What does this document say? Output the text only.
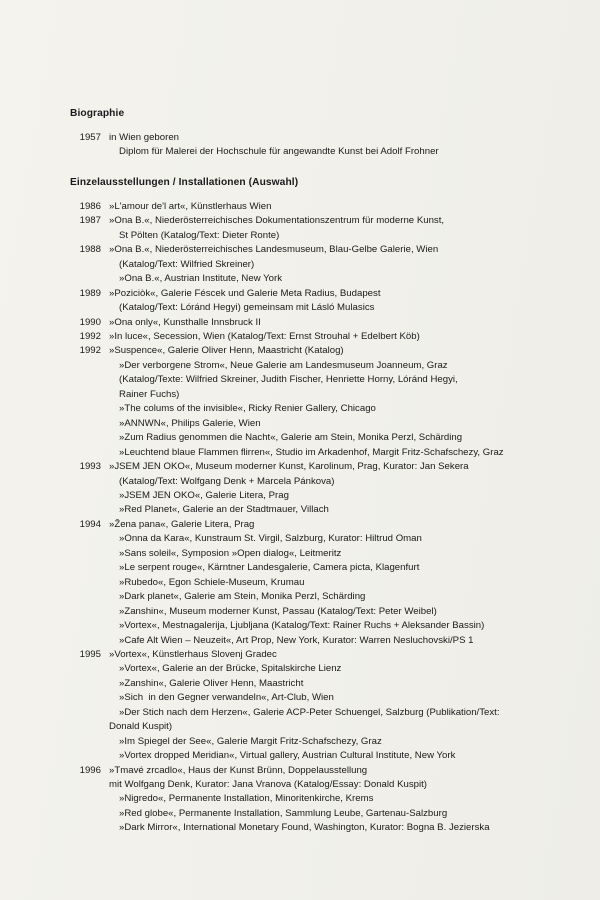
Biographie
1957 in Wien geboren
Diplom für Malerei der Hochschule für angewandte Kunst bei Adolf Frohner
Einzelausstellungen / Installationen (Auswahl)
1986 »L'amour de'l art«, Künstlerhaus Wien
1987 »Ona B.«, Niederösterreichisches Dokumentationszentrum für moderne Kunst,
St Pölten (Katalog/Text: Dieter Ronte)
1988 »Ona B.«, Niederösterreichisches Landesmuseum, Blau-Gelbe Galerie, Wien
(Katalog/Text: Wilfried Skreiner)
»Ona B.«, Austrian Institute, New York
1989 »Poziciòk«, Galerie Féscek und Galerie Meta Radius, Budapest
(Katalog/Text: Lóránd Hegyi) gemeinsam mit Lásló Mulasics
1990 »Ona only«, Kunsthalle Innsbruck II
1992 »In luce«, Secession, Wien (Katalog/Text: Ernst Strouhal + Edelbert Köb)
1992 »Suspence«, Galerie Oliver Henn, Maastricht (Katalog)
»Der verborgene Strom«, Neue Galerie am Landesmuseum Joanneum, Graz
(Katalog/Texte: Wilfried Skreiner, Judith Fischer, Henriette Horny, Lóránd Hegyi,
Rainer Fuchs)
»The colums of the invisible«, Ricky Renier Gallery, Chicago
»ANNWN«, Philips Galerie, Wien
»Zum Radius genommen die Nacht«, Galerie am Stein, Monika Perzl, Schärding
»Leuchtend blaue Flammen flirren«, Studio im Arkadenhof, Margit Fritz-Schafschezy, Graz
1993 »JSEM JEN OKO«, Museum moderner Kunst, Karolinum, Prag, Kurator: Jan Sekera
(Katalog/Text: Wolfgang Denk + Marcela Pánkova)
»JSEM JEN OKO«, Galerie Litera, Prag
»Red Planet«, Galerie an der Stadtmauer, Villach
1994 »Žena pana«, Galerie Litera, Prag
»Onna da Kara«, Kunstraum St. Virgil, Salzburg, Kurator: Hiltrud Oman
»Sans soleil«, Symposion »Open dialog«, Leitmeritz
»Le serpent rouge«, Kärntner Landesgalerie, Camera picta, Klagenfurt
»Rubedo«, Egon Schiele-Museum, Krumau
»Dark planet«, Galerie am Stein, Monika Perzl, Schärding
»Zanshin«, Museum moderner Kunst, Passau (Katalog/Text: Peter Weibel)
»Vortex«, Mestnagalerija, Ljubljana (Katalog/Text: Rainer Ruchs + Aleksander Bassin)
»Cafe Alt Wien – Neuzeit«, Art Prop, New York, Kurator: Warren Nesluchovski/PS 1
1995 »Vortex«, Künstlerhaus Slovenj Gradec
»Vortex«, Galerie an der Brücke, Spitalskirche Lienz
»Zanshin«, Galerie Oliver Henn, Maastricht
»Sich  in den Gegner verwandeln«, Art-Club, Wien
»Der Stich nach dem Herzen«, Galerie ACP-Peter Schuengel, Salzburg (Publikation/Text:
Donald Kuspit)
»Im Spiegel der See«, Galerie Margit Fritz-Schafschezy, Graz
»Vortex dropped Meridian«, Virtual gallery, Austrian Cultural Institute, New York
1996 »Tmavé zrcadlo«, Haus der Kunst Brünn, Doppelausstellung
mit Wolfgang Denk, Kurator: Jana Vranova (Katalog/Essay: Donald Kuspit)
»Nigredo«, Permanente Installation, Minoritenkirche, Krems
»Red globe«, Permanente Installation, Sammlung Leube, Gartenau-Salzburg
»Dark Mirror«, International Monetary Found, Washington, Kurator: Bogna B. Jezierska
